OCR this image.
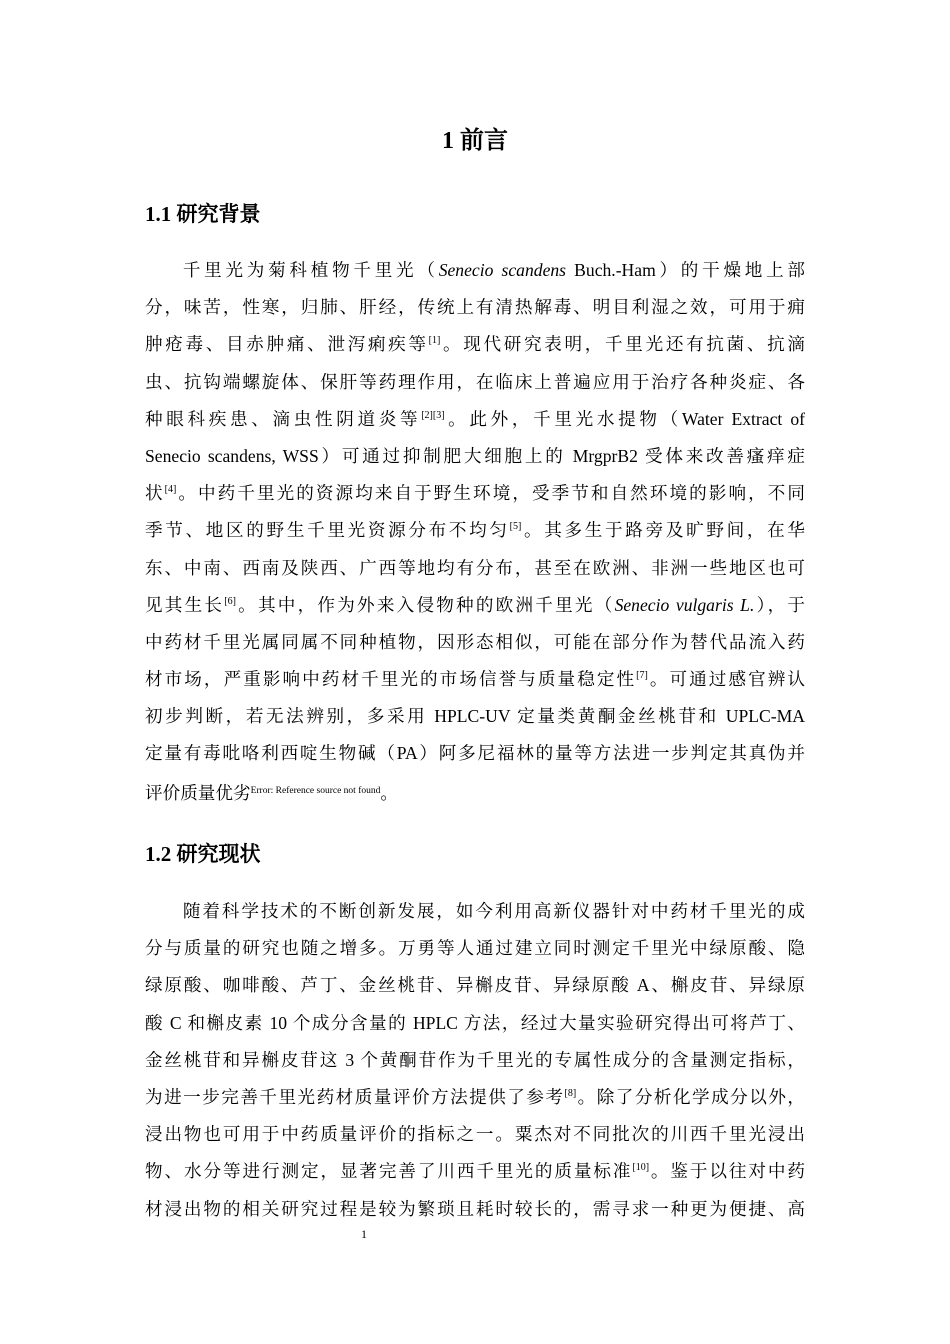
1 前言
1.1 研究背景
千里光为菊科植物千里光（Senecio scandens Buch.-Ham）的干燥地上部
分，味苦，性寒，归肺、肝经，传统上有清热解毒、明目利湿之效，可用于痈
肿疮毒、目赤肿痛、泄泻痢疾等[1]。现代研究表明，千里光还有抗菌、抗滴
虫、抗钩端螺旋体、保肝等药理作用，在临床上普遍应用于治疗各种炎症、各
种眼科疾患、滴虫性阴道炎等[2][3]。此外，千里光水提物（Water Extract of
Senecio scandens, WSS）可通过抑制肥大细胞上的 MrgprB2 受体来改善瘙痒症
状[4]。中药千里光的资源均来自于野生环境，受季节和自然环境的影响，不同
季节、地区的野生千里光资源分布不均匀[5]。其多生于路旁及旷野间，在华
东、中南、西南及陕西、广西等地均有分布，甚至在欧洲、非洲一些地区也可
见其生长[6]。其中，作为外来入侵物种的欧洲千里光（Senecio vulgaris L.），于
中药材千里光属同属不同种植物，因形态相似，可能在部分作为替代品流入药
材市场，严重影响中药材千里光的市场信誉与质量稳定性[7]。可通过感官辨认
初步判断，若无法辨别，多采用 HPLC-UV 定量类黄酮金丝桃苷和 UPLC-MA
定量有毒吡咯利西啶生物碱（PA）阿多尼福林的量等方法进一步判定其真伪并
评价质量优劣$^{Error: Reference source not found}$。
1.2 研究现状
随着科学技术的不断创新发展，如今利用高新仪器针对中药材千里光的成
分与质量的研究也随之增多。万勇等人通过建立同时测定千里光中绿原酸、隐
绿原酸、咖啡酸、芦丁、金丝桃苷、异槲皮苷、异绿原酸 A、槲皮苷、异绿原
酸 C 和槲皮素 10 个成分含量的 HPLC 方法，经过大量实验研究得出可将芦丁、
金丝桃苷和异槲皮苷这 3 个黄酮苷作为千里光的专属性成分的含量测定指标，
为进一步完善千里光药材质量评价方法提供了参考[8]。除了分析化学成分以外，
浸出物也可用于中药质量评价的指标之一。粟杰对不同批次的川西千里光浸出
物、水分等进行测定，显著完善了川西千里光的质量标准[10]。鉴于以往对中药
材浸出物的相关研究过程是较为繁琐且耗时较长的，需寻求一种更为便捷、高
1
